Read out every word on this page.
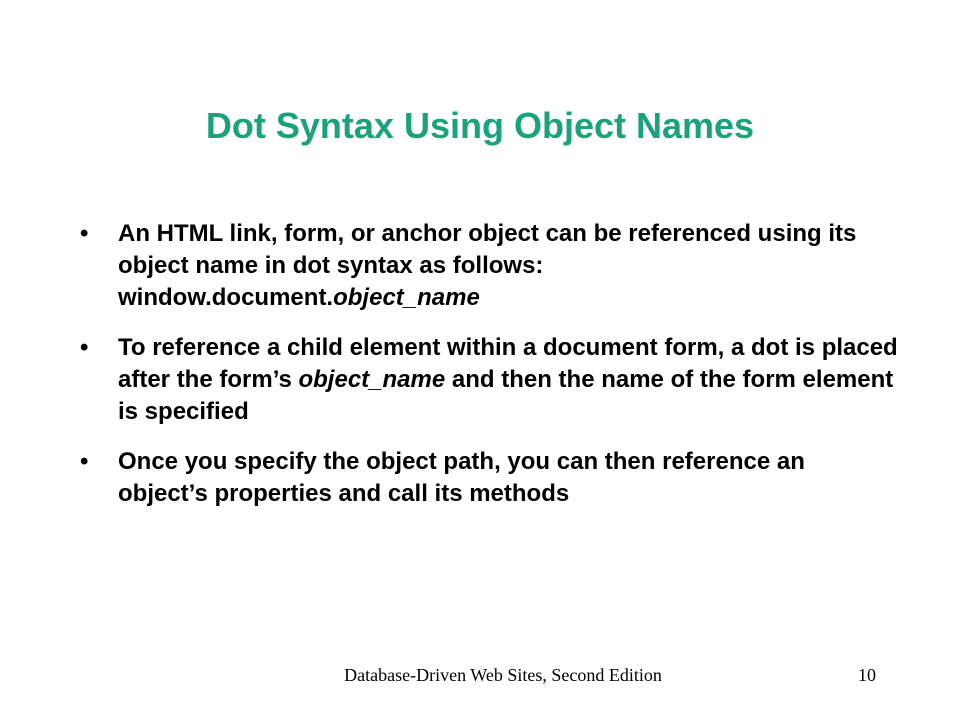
Dot Syntax Using Object Names
• An HTML link, form, or anchor object can be referenced using its object name in dot syntax as follows: window.document.object_name
• To reference a child element within a document form, a dot is placed after the form’s object_name and then the name of the form element is specified
• Once you specify the object path, you can then reference an object’s properties and call its methods
Database-Driven Web Sites, Second Edition	10
